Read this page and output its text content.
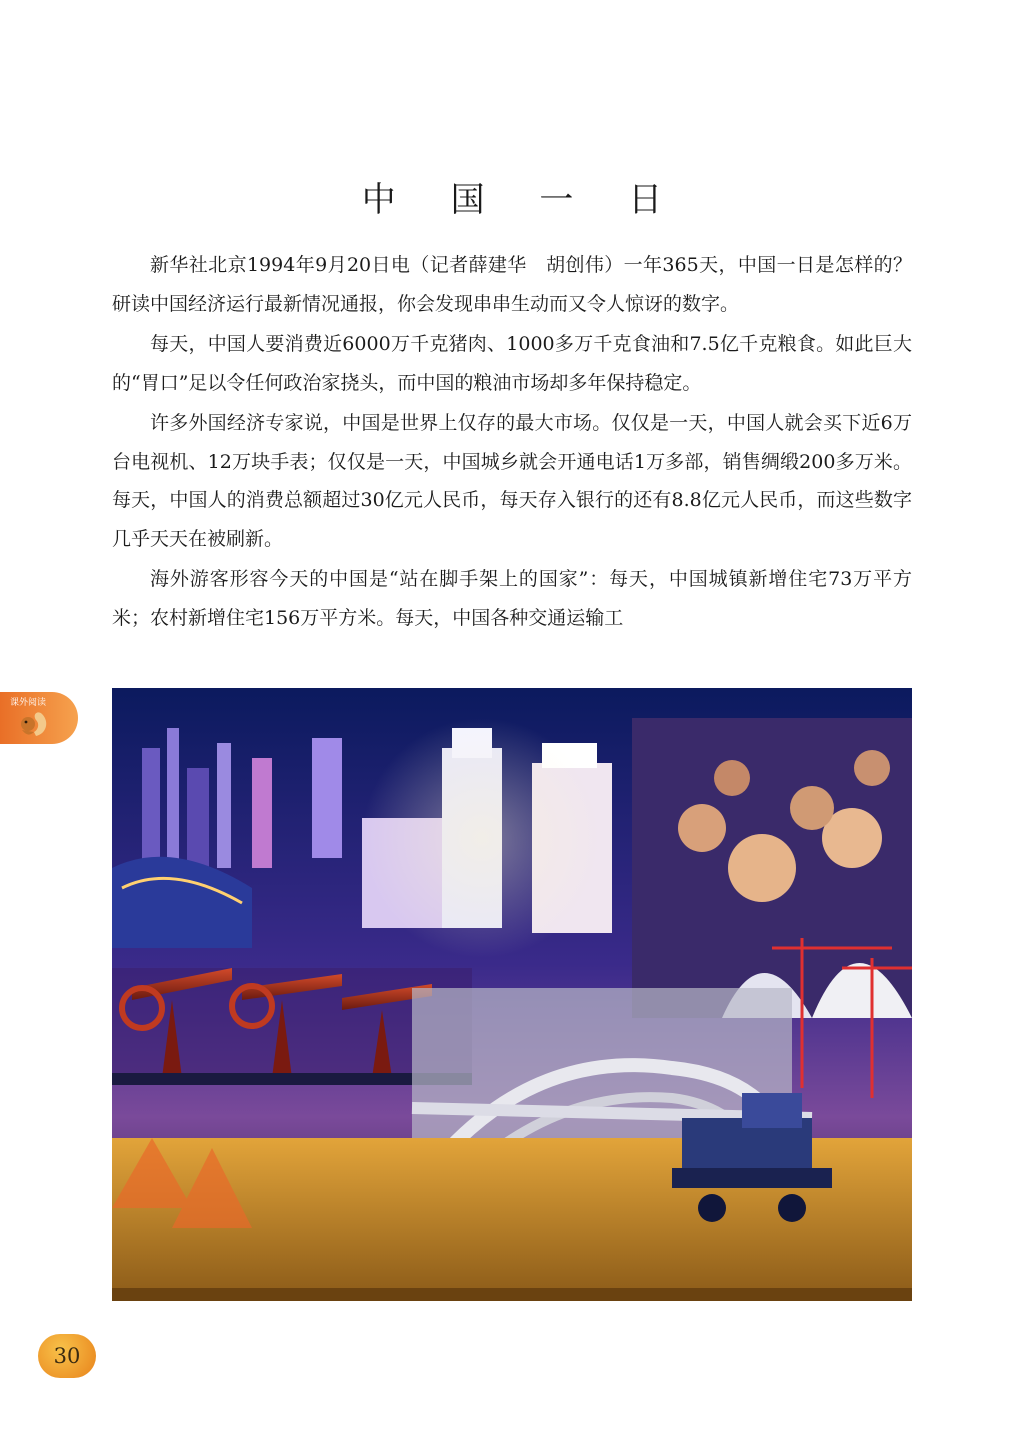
中 国 一 日

新华社北京1994年9月20日电（记者薛建华　胡创伟）一年365天，中国一日是怎样的？研读中国经济运行最新情况通报，你会发现串串生动而又令人惊讶的数字。

每天，中国人要消费近6000万千克猪肉、1000多万千克食油和7.5亿千克粮食。如此巨大的“胃口”足以令任何政治家挠头，而中国的粮油市场却多年保持稳定。

许多外国经济专家说，中国是世界上仅存的最大市场。仅仅是一天，中国人就会买下近6万台电视机、12万块手表；仅仅是一天，中国城乡就会开通电话1万多部，销售绸缎200多万米。每天，中国人的消费总额超过30亿元人民币，每天存入银行的还有8.8亿元人民币，而这些数字几乎天天在被刷新。

海外游客形容今天的中国是“站在脚手架上的国家”：每天，中国城镇新增住宅73万平方米；农村新增住宅156万平方米。每天，中国各种交通运输工

课外阅读
30
